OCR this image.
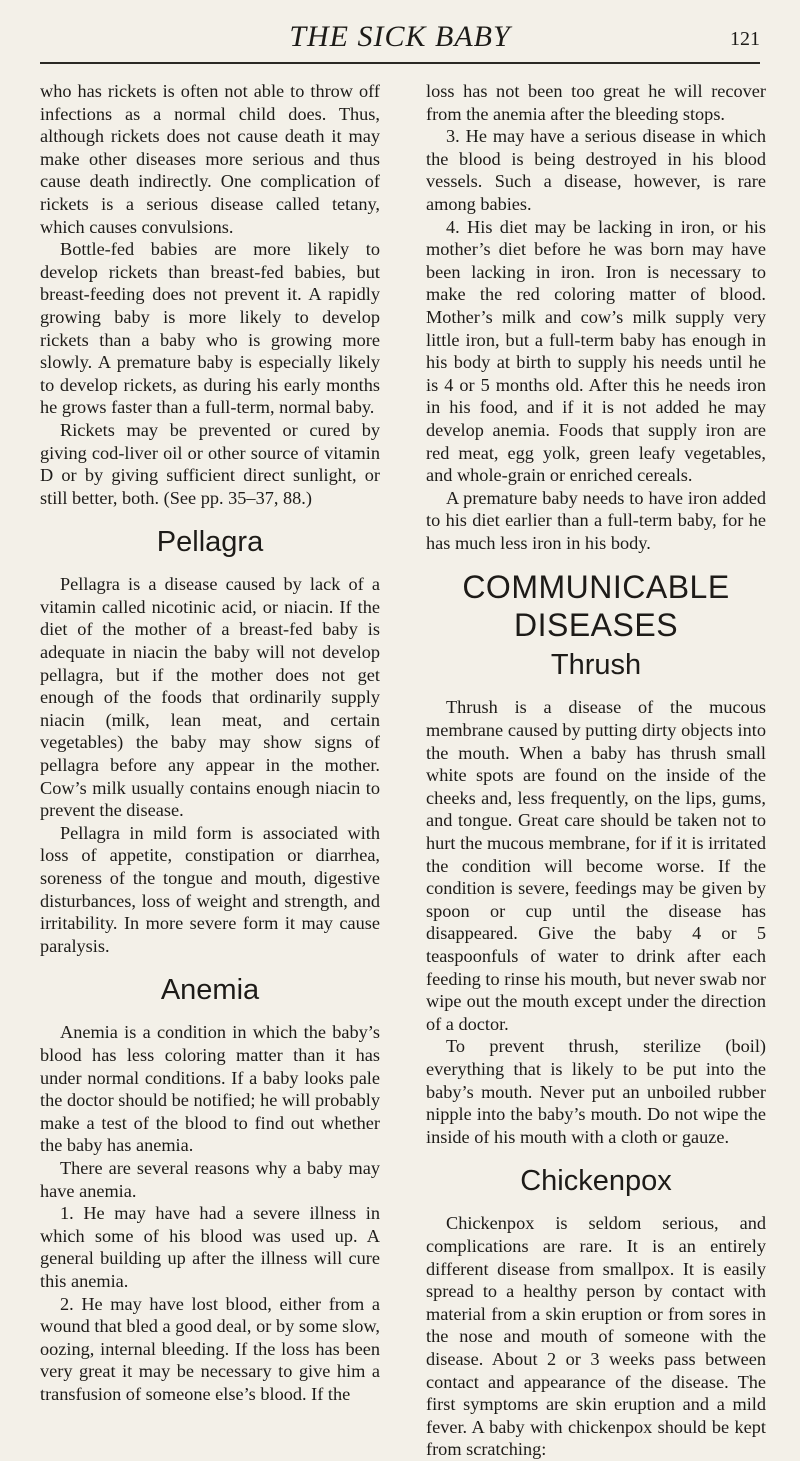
THE SICK BABY	121

who has rickets is often not able to throw off infections as a normal child does. Thus, although rickets does not cause death it may make other diseases more serious and thus cause death indirectly. One complication of rickets is a serious disease called tetany, which causes convulsions.

Bottle-fed babies are more likely to develop rickets than breast-fed babies, but breast-feeding does not prevent it. A rapidly growing baby is more likely to develop rickets than a baby who is growing more slowly. A premature baby is especially likely to develop rickets, as during his early months he grows faster than a full-term, normal baby.

Rickets may be prevented or cured by giving cod-liver oil or other source of vitamin D or by giving sufficient direct sunlight, or still better, both. (See pp. 35–37, 88.)

Pellagra

Pellagra is a disease caused by lack of a vitamin called nicotinic acid, or niacin. If the diet of the mother of a breast-fed baby is adequate in niacin the baby will not develop pellagra, but if the mother does not get enough of the foods that ordinarily supply niacin (milk, lean meat, and certain vegetables) the baby may show signs of pellagra before any appear in the mother. Cow’s milk usually contains enough niacin to prevent the disease.

Pellagra in mild form is associated with loss of appetite, constipation or diarrhea, soreness of the tongue and mouth, digestive disturbances, loss of weight and strength, and irritability. In more severe form it may cause paralysis.

Anemia

Anemia is a condition in which the baby’s blood has less coloring matter than it has under normal conditions. If a baby looks pale the doctor should be notified; he will probably make a test of the blood to find out whether the baby has anemia.

There are several reasons why a baby may have anemia.

1. He may have had a severe illness in which some of his blood was used up. A general building up after the illness will cure this anemia.

2. He may have lost blood, either from a wound that bled a good deal, or by some slow, oozing, internal bleeding. If the loss has been very great it may be necessary to give him a transfusion of someone else’s blood. If the

loss has not been too great he will recover from the anemia after the bleeding stops.

3. He may have a serious disease in which the blood is being destroyed in his blood vessels. Such a disease, however, is rare among babies.

4. His diet may be lacking in iron, or his mother’s diet before he was born may have been lacking in iron. Iron is necessary to make the red coloring matter of blood. Mother’s milk and cow’s milk supply very little iron, but a full-term baby has enough in his body at birth to supply his needs until he is 4 or 5 months old. After this he needs iron in his food, and if it is not added he may develop anemia. Foods that supply iron are red meat, egg yolk, green leafy vegetables, and whole-grain or enriched cereals.

A premature baby needs to have iron added to his diet earlier than a full-term baby, for he has much less iron in his body.

COMMUNICABLE DISEASES
Thrush

Thrush is a disease of the mucous membrane caused by putting dirty objects into the mouth. When a baby has thrush small white spots are found on the inside of the cheeks and, less frequently, on the lips, gums, and tongue. Great care should be taken not to hurt the mucous membrane, for if it is irritated the condition will become worse. If the condition is severe, feedings may be given by spoon or cup until the disease has disappeared. Give the baby 4 or 5 teaspoonfuls of water to drink after each feeding to rinse his mouth, but never swab nor wipe out the mouth except under the direction of a doctor.

To prevent thrush, sterilize (boil) everything that is likely to be put into the baby’s mouth. Never put an unboiled rubber nipple into the baby’s mouth. Do not wipe the inside of his mouth with a cloth or gauze.

Chickenpox

Chickenpox is seldom serious, and complications are rare. It is an entirely different disease from smallpox. It is easily spread to a healthy person by contact with material from a skin eruption or from sores in the nose and mouth of someone with the disease. About 2 or 3 weeks pass between contact and appearance of the disease. The first symptoms are skin eruption and a mild fever. A baby with chickenpox should be kept from scratching:
